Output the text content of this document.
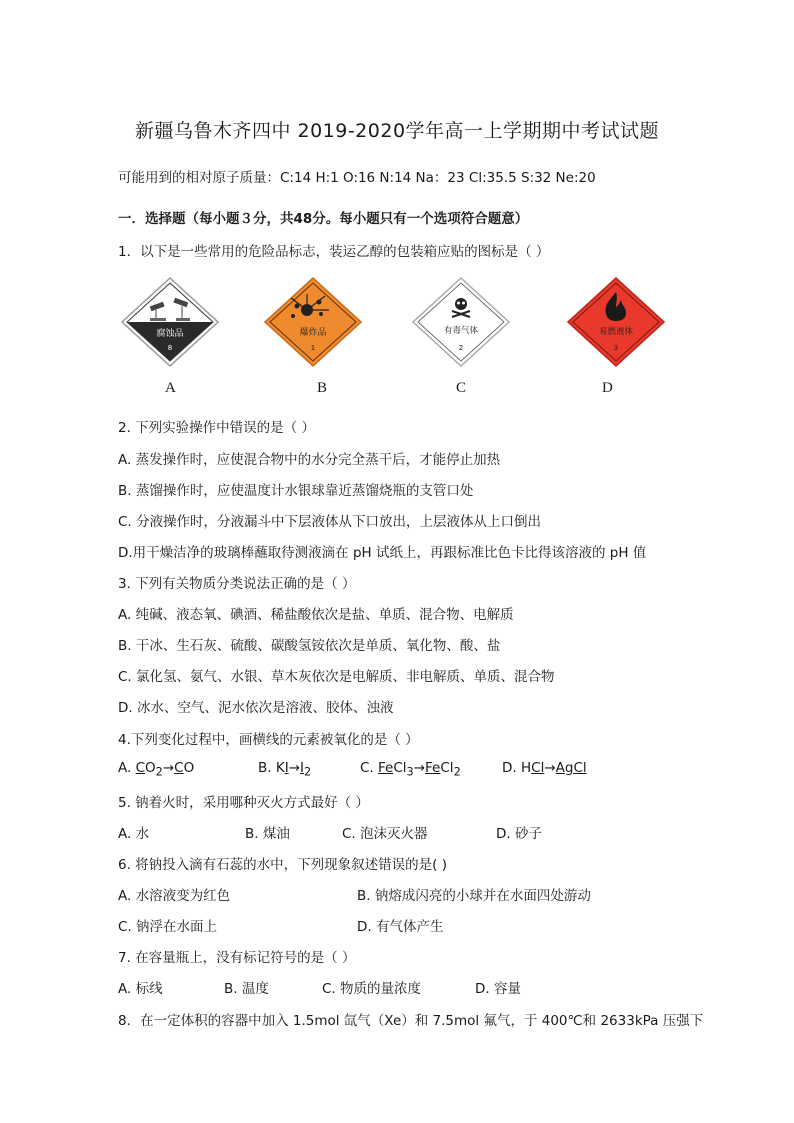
新疆乌鲁木齐四中 2019-2020学年高一上学期期中考试试题
可能用到的相对原子质量：C:14 H:1 O:16 N:14 Na：23 Cl:35.5 S:32 Ne:20
一．选择题（每小题３分，共48分。每小题只有一个选项符合题意）
1．以下是一些常用的危险品标志，装运乙醇的包装箱应贴的图标是（ ）
腐蚀品
8
爆炸品
1
有毒气体
2
易燃液体
3
A	B	C	D
2. 下列实验操作中错误的是（ ）
A. 蒸发操作时，应使混合物中的水分完全蒸干后，才能停止加热
B. 蒸馏操作时，应使温度计水银球靠近蒸馏烧瓶的支管口处
C. 分液操作时，分液漏斗中下层液体从下口放出，上层液体从上口倒出
D.用干燥洁净的玻璃棒蘸取待测液滴在 pH 试纸上，再跟标准比色卡比得该溶液的 pH 值
3. 下列有关物质分类说法正确的是（ ）
A. 纯碱、液态氧、碘酒、稀盐酸依次是盐、单质、混合物、电解质
B. 干冰、生石灰、硫酸、碳酸氢铵依次是单质、氧化物、酸、盐
C. 氯化氢、氨气、水银、草木灰依次是电解质、非电解质、单质、混合物
D. 冰水、空气、泥水依次是溶液、胶体、浊液
4.下列变化过程中，画横线的元素被氧化的是（ ）
A. $CO_2\to CO$	B. $KI\to I_2$	C. FeCl$_3$→FeCl$_2$	D. HCl→AgCl
5. 钠着火时，采用哪种灭火方式最好（ ）
A. 水	B. 煤油	C. 泡沫灭火器	D. 砂子
6. 将钠投入滴有石蕊的水中，下列现象叙述错误的是( )
A. 水溶液变为红色	B. 钠熔成闪亮的小球并在水面四处游动
C. 钠浮在水面上	D. 有气体产生
7. 在容量瓶上，没有标记符号的是（ ）
A. 标线	B. 温度	C. 物质的量浓度	D. 容量
8．在一定体积的容器中加入 1.5mol 氙气（Xe）和 7.5mol 氟气，于 400℃和 2633kPa 压强下
